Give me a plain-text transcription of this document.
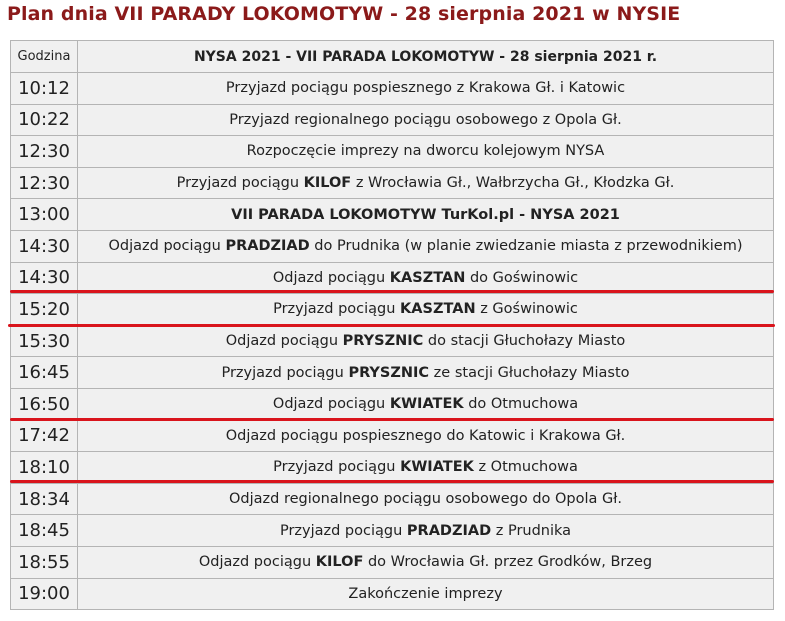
Plan dnia VII PARADY LOKOMOTYW - 28 sierpnia 2021 w NYSIE
Godzina	NYSA 2021 - VII PARADA LOKOMOTYW - 28 sierpnia 2021 r.
10:12	Przyjazd pociągu pospiesznego z Krakowa Gł. i Katowic
10:22	Przyjazd regionalnego pociągu osobowego z Opola Gł.
12:30	Rozpoczęcie imprezy na dworcu kolejowym NYSA
12:30	Przyjazd pociągu KILOF z Wrocławia Gł., Wałbrzycha Gł., Kłodzka Gł.
13:00	VII PARADA LOKOMOTYW TurKol.pl - NYSA 2021
14:30	Odjazd pociągu PRADZIAD do Prudnika (w planie zwiedzanie miasta z przewodnikiem)
14:30	Odjazd pociągu KASZTAN do Goświnowic
15:20	Przyjazd pociągu KASZTAN z Goświnowic
15:30	Odjazd pociągu PRYSZNIC do stacji Głuchołazy Miasto
16:45	Przyjazd pociągu PRYSZNIC ze stacji Głuchołazy Miasto
16:50	Odjazd pociągu KWIATEK do Otmuchowa
17:42	Odjazd pociągu pospiesznego do Katowic i Krakowa Gł.
18:10	Przyjazd pociągu KWIATEK z Otmuchowa
18:34	Odjazd regionalnego pociągu osobowego do Opola Gł.
18:45	Przyjazd pociągu PRADZIAD z Prudnika
18:55	Odjazd pociągu KILOF do Wrocławia Gł. przez Grodków, Brzeg
19:00	Zakończenie imprezy
